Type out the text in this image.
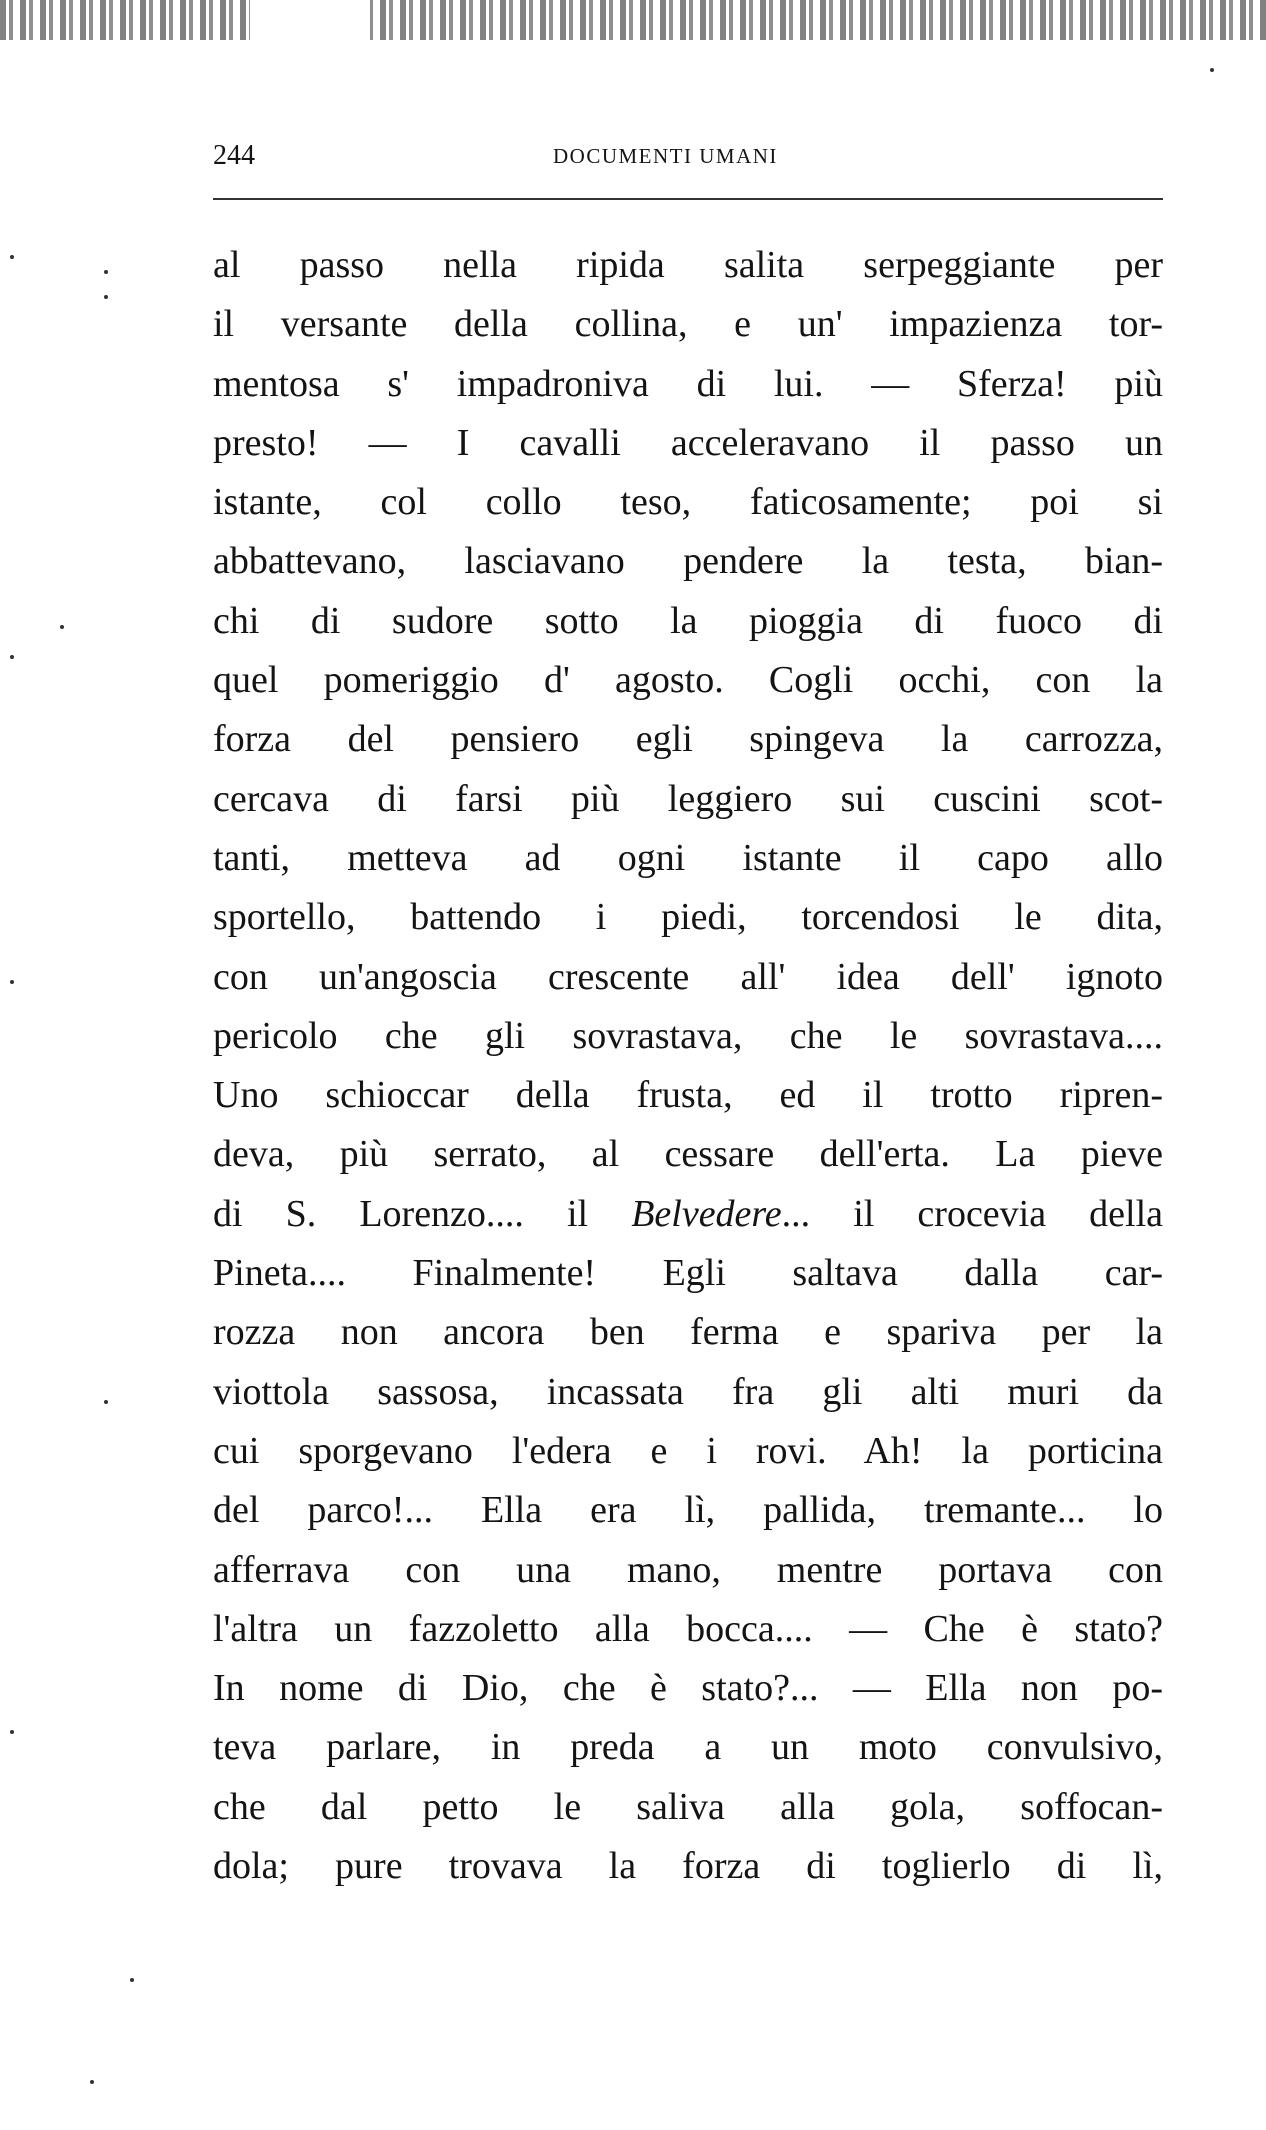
244	DOCUMENTI UMANI
al passo nella ripida salita serpeggiante per
il versante della collina, e un' impazienza tor-
mentosa s' impadroniva di lui. — Sferza! più
presto! — I cavalli acceleravano il passo un
istante, col collo teso, faticosamente; poi si
abbattevano, lasciavano pendere la testa, bian-
chi di sudore sotto la pioggia di fuoco di
quel pomeriggio d' agosto. Cogli occhi, con la
forza del pensiero egli spingeva la carrozza,
cercava di farsi più leggiero sui cuscini scot-
tanti, metteva ad ogni istante il capo allo
sportello, battendo i piedi, torcendosi le dita,
con un'angoscia crescente all' idea dell' ignoto
pericolo che gli sovrastava, che le sovrastava....
Uno schioccar della frusta, ed il trotto ripren-
deva, più serrato, al cessare dell'erta. La pieve
di S. Lorenzo.... il Belvedere... il crocevia della
Pineta.... Finalmente! Egli saltava dalla car-
rozza non ancora ben ferma e spariva per la
viottola sassosa, incassata fra gli alti muri da
cui sporgevano l'edera e i rovi. Ah! la porticina
del parco!... Ella era lì, pallida, tremante... lo
afferrava con una mano, mentre portava con
l'altra un fazzoletto alla bocca.... — Che è stato?
In nome di Dio, che è stato?... — Ella non po-
teva parlare, in preda a un moto convulsivo,
che dal petto le saliva alla gola, soffocan-
dola; pure trovava la forza di toglierlo di lì,
